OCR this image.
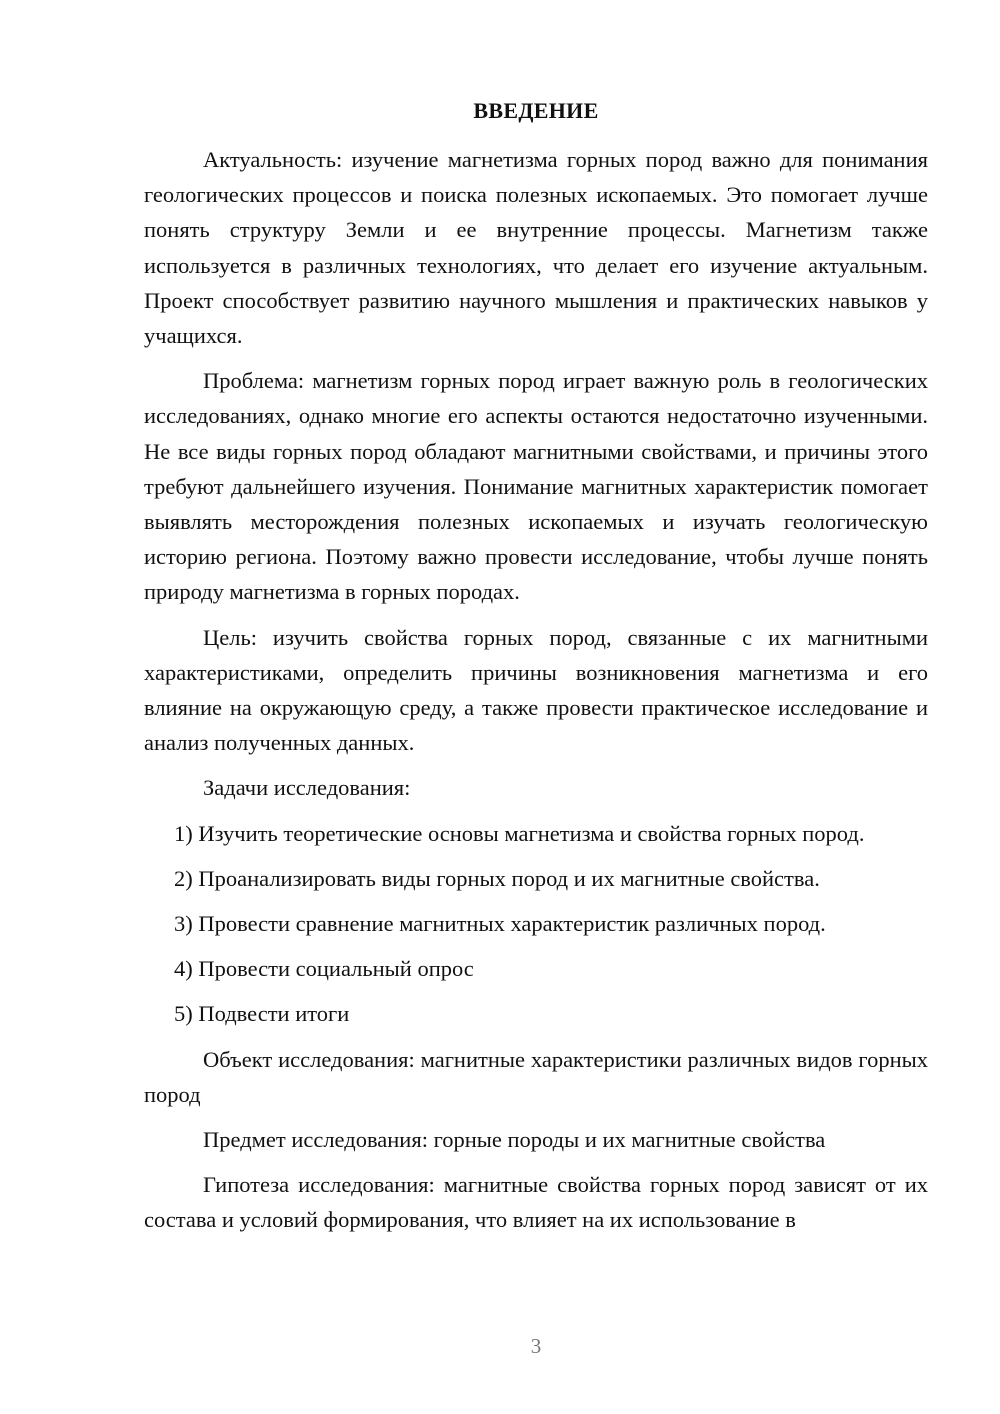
ВВЕДЕНИЕ

Актуальность: изучение магнетизма горных пород важно для понимания геологических процессов и поиска полезных ископаемых. Это помогает лучше понять структуру Земли и ее внутренние процессы. Магнетизм также используется в различных технологиях, что делает его изучение актуальным. Проект способствует развитию научного мышления и практических навыков у учащихся.

Проблема: магнетизм горных пород играет важную роль в геологических исследованиях, однако многие его аспекты остаются недостаточно изученными. Не все виды горных пород обладают магнитными свойствами, и причины этого требуют дальнейшего изучения. Понимание магнитных характеристик помогает выявлять месторождения полезных ископаемых и изучать геологическую историю региона. Поэтому важно провести исследование, чтобы лучше понять природу магнетизма в горных породах.

Цель: изучить свойства горных пород, связанные с их магнитными характеристиками, определить причины возникновения магнетизма и его влияние на окружающую среду, а также провести практическое исследование и анализ полученных данных.

Задачи исследования:

1) Изучить теоретические основы магнетизма и свойства горных пород.

2) Проанализировать виды горных пород и их магнитные свойства.

3) Провести сравнение магнитных характеристик различных пород.

4) Провести социальный опрос

5) Подвести итоги

Объект исследования: магнитные характеристики различных видов горных пород

Предмет исследования: горные породы и их магнитные свойства

Гипотеза исследования: магнитные свойства горных пород зависят от их состава и условий формирования, что влияет на их использование в

3
